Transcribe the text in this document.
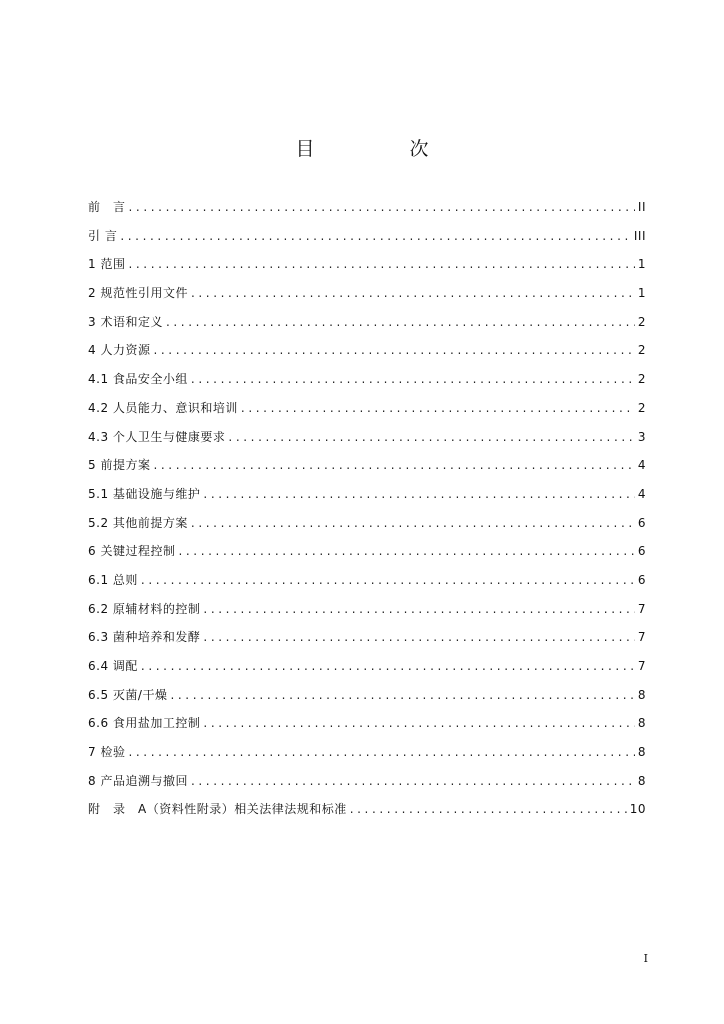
目　次
前　言 .....	II
引 言 .....	III
1 范围 .....	1
2 规范性引用文件 .....	1
3 术语和定义 .....	2
4 人力资源 .....	2
4.1 食品安全小组 .....	2
4.2 人员能力、意识和培训 .....	2
4.3 个人卫生与健康要求 .....	3
5 前提方案 .....	4
5.1 基础设施与维护 .....	4
5.2 其他前提方案 .....	6
6 关键过程控制 .....	6
6.1 总则 .....	6
6.2 原辅材料的控制 .....	7
6.3 菌种培养和发酵 .....	7
6.4 调配 .....	7
6.5 灭菌/干燥 .....	8
6.6 食用盐加工控制 .....	8
7 检验 .....	8
8 产品追溯与撤回 .....	8
附　录　A（资料性附录）相关法律法规和标准 .....	10
I
